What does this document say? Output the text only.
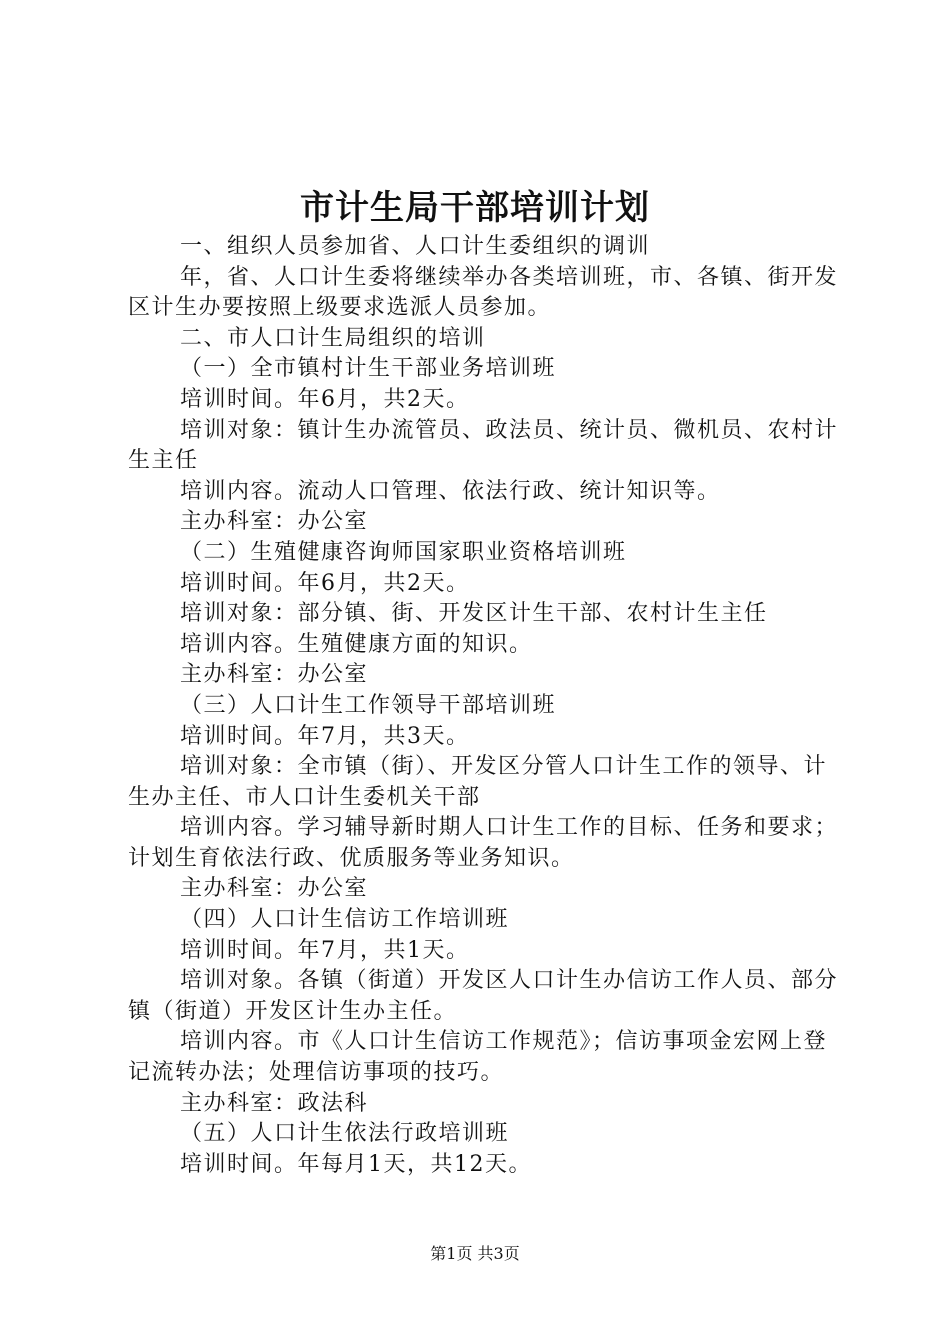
市计生局干部培训计划

一、组织人员参加省、人口计生委组织的调训

年，省、人口计生委将继续举办各类培训班，市、各镇、街开发区计生办要按照上级要求选派人员参加。

二、市人口计生局组织的培训

（一）全市镇村计生干部业务培训班

培训时间。年6月，共2天。

培训对象：镇计生办流管员、政法员、统计员、微机员、农村计生主任

培训内容。流动人口管理、依法行政、统计知识等。

主办科室：办公室

（二）生殖健康咨询师国家职业资格培训班

培训时间。年6月，共2天。

培训对象：部分镇、街、开发区计生干部、农村计生主任

培训内容。生殖健康方面的知识。

主办科室：办公室

（三）人口计生工作领导干部培训班

培训时间。年7月，共3天。

培训对象：全市镇（街）、开发区分管人口计生工作的领导、计生办主任、市人口计生委机关干部

培训内容。学习辅导新时期人口计生工作的目标、任务和要求；计划生育依法行政、优质服务等业务知识。

主办科室：办公室

（四）人口计生信访工作培训班

培训时间。年7月，共1天。

培训对象。各镇（街道）开发区人口计生办信访工作人员、部分镇（街道）开发区计生办主任。

培训内容。市《人口计生信访工作规范》；信访事项金宏网上登记流转办法；处理信访事项的技巧。

主办科室：政法科

（五）人口计生依法行政培训班

培训时间。年每月1天，共12天。

第1页 共3页
